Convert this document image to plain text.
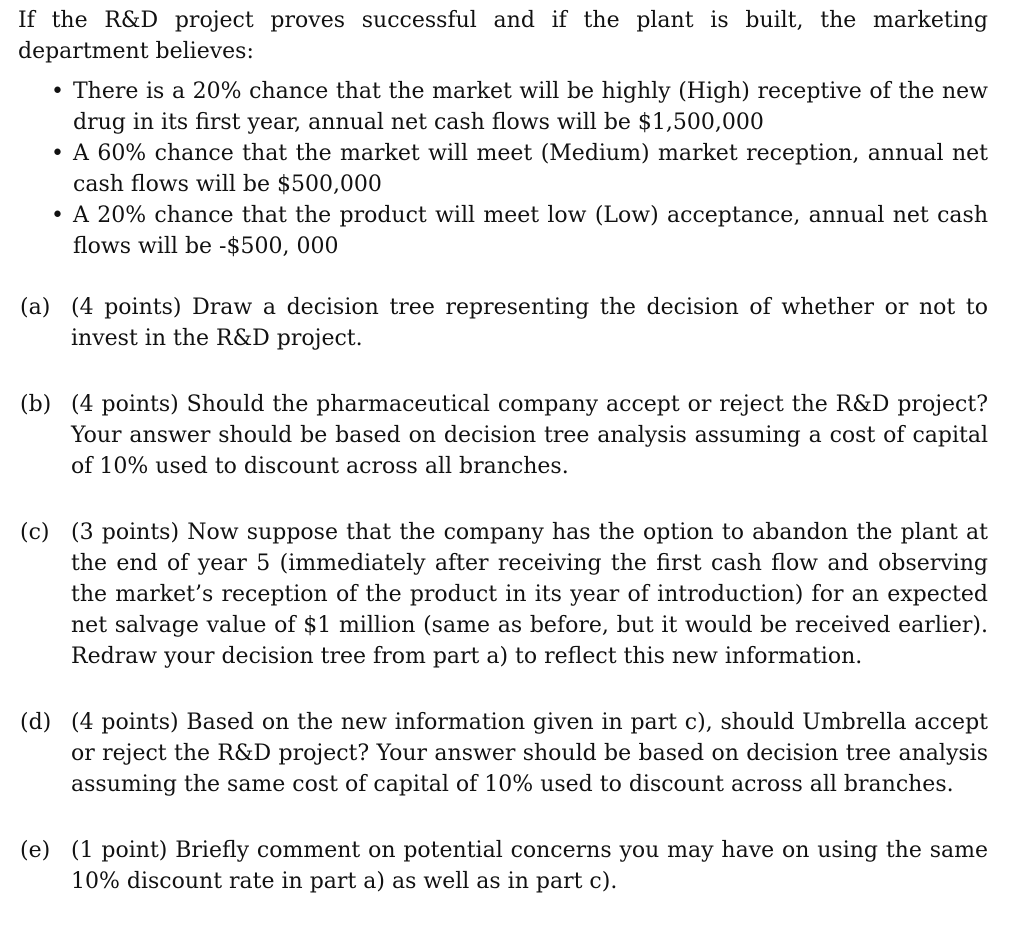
If the R&D project proves successful and if the plant is built, the marketing department believes:

• There is a 20% chance that the market will be highly (High) receptive of the new drug in its first year, annual net cash flows will be $1,500,000
• A 60% chance that the market will meet (Medium) market reception, annual net cash flows will be $500,000
• A 20% chance that the product will meet low (Low) acceptance, annual net cash flows will be -$500, 000
(a) (4 points) Draw a decision tree representing the decision of whether or not to invest in the R&D project.
(b) (4 points) Should the pharmaceutical company accept or reject the R&D project? Your answer should be based on decision tree analysis assuming a cost of capital of 10% used to discount across all branches.
(c) (3 points) Now suppose that the company has the option to abandon the plant at the end of year 5 (immediately after receiving the first cash flow and observing the market’s reception of the product in its year of introduction) for an expected net salvage value of $1 million (same as before, but it would be received earlier). Redraw your decision tree from part a) to reflect this new information.
(d) (4 points) Based on the new information given in part c), should Umbrella accept or reject the R&D project? Your answer should be based on decision tree analysis assuming the same cost of capital of 10% used to discount across all branches.
(e) (1 point) Briefly comment on potential concerns you may have on using the same 10% discount rate in part a) as well as in part c).
